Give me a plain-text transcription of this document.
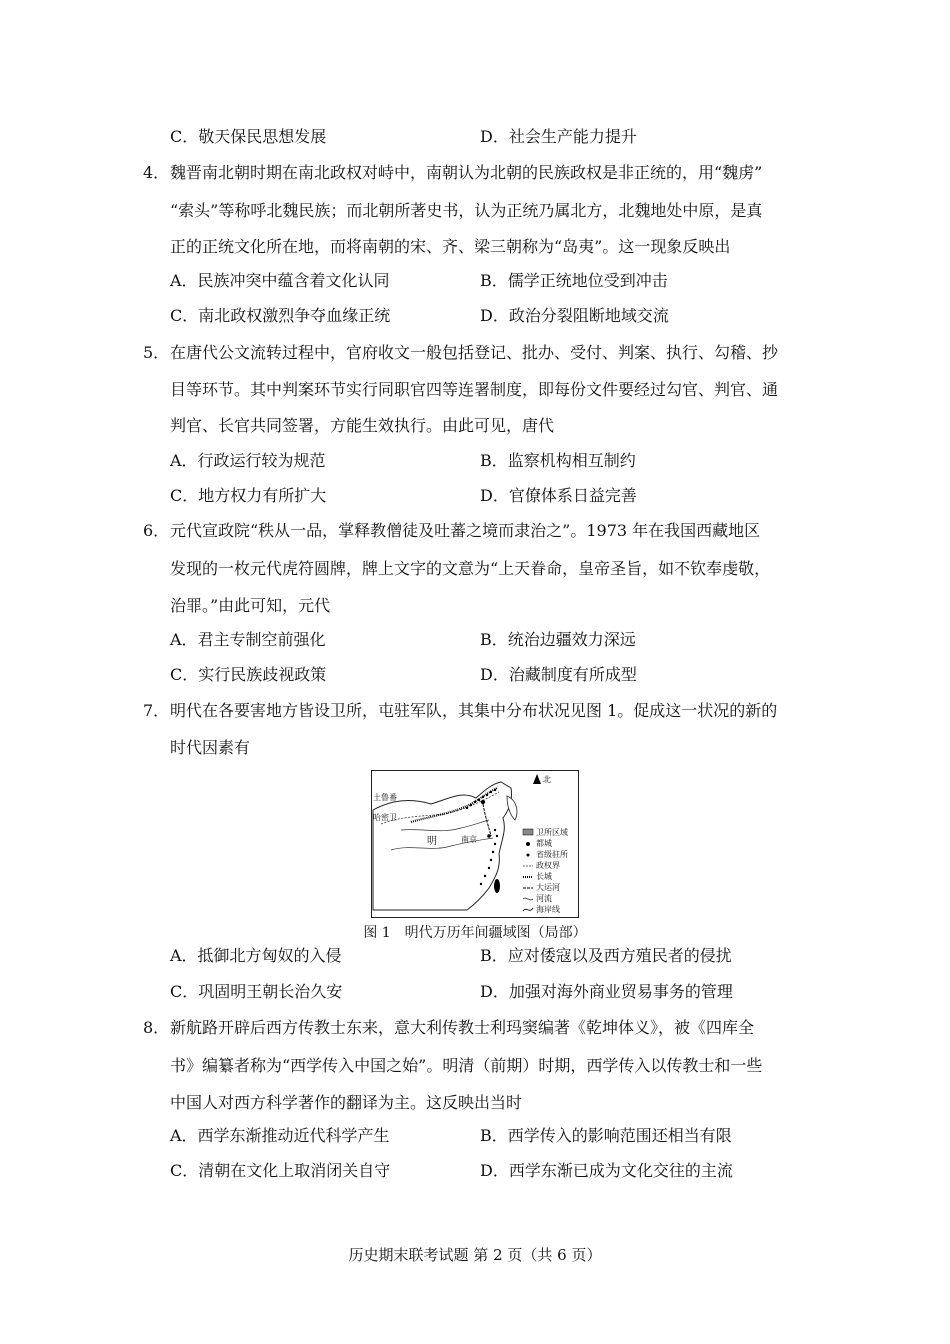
C．敬天保民思想发展	D．社会生产能力提升
4． 魏晋南北朝时期在南北政权对峙中，南朝认为北朝的民族政权是非正统的，用“魏虏”
“索头”等称呼北魏民族；而北朝所著史书，认为正统乃属北方，北魏地处中原，是真
正的正统文化所在地，而将南朝的宋、齐、梁三朝称为“岛夷”。这一现象反映出
A．民族冲突中蕴含着文化认同	B．儒学正统地位受到冲击
C．南北政权激烈争夺血缘正统	D．政治分裂阻断地域交流
5． 在唐代公文流转过程中，官府收文一般包括登记、批办、受付、判案、执行、勾稽、抄
目等环节。其中判案环节实行同职官四等连署制度，即每份文件要经过勾官、判官、通
判官、长官共同签署，方能生效执行。由此可见，唐代
A．行政运行较为规范	B．监察机构相互制约
C．地方权力有所扩大	D．官僚体系日益完善
6． 元代宣政院“秩从一品，掌释教僧徒及吐蕃之境而隶治之”。1973 年在我国西藏地区
发现的一枚元代虎符圆牌，牌上文字的文意为“上天眷命，皇帝圣旨，如不钦奉虔敬，
治罪。”由此可知，元代
A．君主专制空前强化	B．统治边疆效力深远
C．实行民族歧视政策	D．治藏制度有所成型
7． 明代在各要害地方皆设卫所，屯驻军队，其集中分布状况见图 1。促成这一状况的新的
时代因素有
北
土鲁番
哈密卫
明	南京
卫所区域
都城
省级驻所
政权界
长城
大运河
河流
海岸线
图 1　明代万历年间疆域图（局部）
A．抵御北方匈奴的入侵	B．应对倭寇以及西方殖民者的侵扰
C．巩固明王朝长治久安	D．加强对海外商业贸易事务的管理
8． 新航路开辟后西方传教士东来，意大利传教士利玛窦编著《乾坤体义》，被《四库全
书》编纂者称为“西学传入中国之始”。明清（前期）时期，西学传入以传教士和一些
中国人对西方科学著作的翻译为主。这反映出当时
A．西学东渐推动近代科学产生	B．西学传入的影响范围还相当有限
C．清朝在文化上取消闭关自守	D．西学东渐已成为文化交往的主流
历史期末联考试题 第 2 页（共 6 页）
